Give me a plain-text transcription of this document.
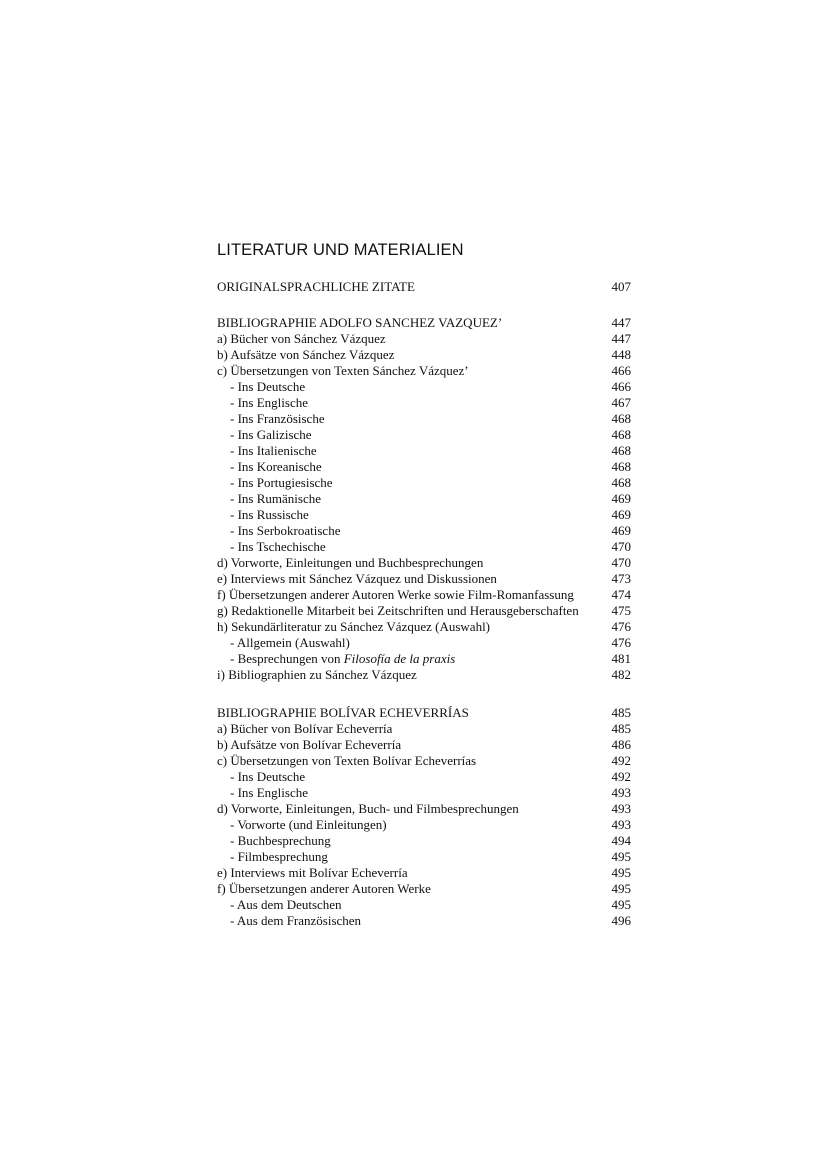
LITERATUR UND MATERIALIEN
ORIGINALSPRACHLICHE ZITATE	407
BIBLIOGRAPHIE ADOLFO SANCHEZ VAZQUEZ’	447
a) Bücher von Sánchez Vázquez	447
b) Aufsätze von Sánchez Vázquez	448
c) Übersetzungen von Texten Sánchez Vázquez’	466
- Ins Deutsche	466
- Ins Englische	467
- Ins Französische	468
- Ins Galizische	468
- Ins Italienische	468
- Ins Koreanische	468
- Ins Portugiesische	468
- Ins Rumänische	469
- Ins Russische	469
- Ins Serbokroatische	469
- Ins Tschechische	470
d) Vorworte, Einleitungen und Buchbesprechungen	470
e) Interviews mit Sánchez Vázquez und Diskussionen	473
f) Übersetzungen anderer Autoren Werke sowie Film-Romanfassung	474
g) Redaktionelle Mitarbeit bei Zeitschriften und Herausgeberschaften	475
h) Sekundärliteratur zu Sánchez Vázquez (Auswahl)	476
- Allgemein (Auswahl)	476
- Besprechungen von Filosofía de la praxis	481
i) Bibliographien zu Sánchez Vázquez	482
BIBLIOGRAPHIE BOLÍVAR ECHEVERRÍAS	485
a) Bücher von Bolívar Echeverría	485
b) Aufsätze von Bolívar Echeverría	486
c) Übersetzungen von Texten Bolívar Echeverrías	492
- Ins Deutsche	492
- Ins Englische	493
d) Vorworte, Einleitungen, Buch- und Filmbesprechungen	493
- Vorworte (und Einleitungen)	493
- Buchbesprechung	494
- Filmbesprechung	495
e) Interviews mit Bolívar Echeverría	495
f) Übersetzungen anderer Autoren Werke	495
- Aus dem Deutschen	495
- Aus dem Französischen	496
